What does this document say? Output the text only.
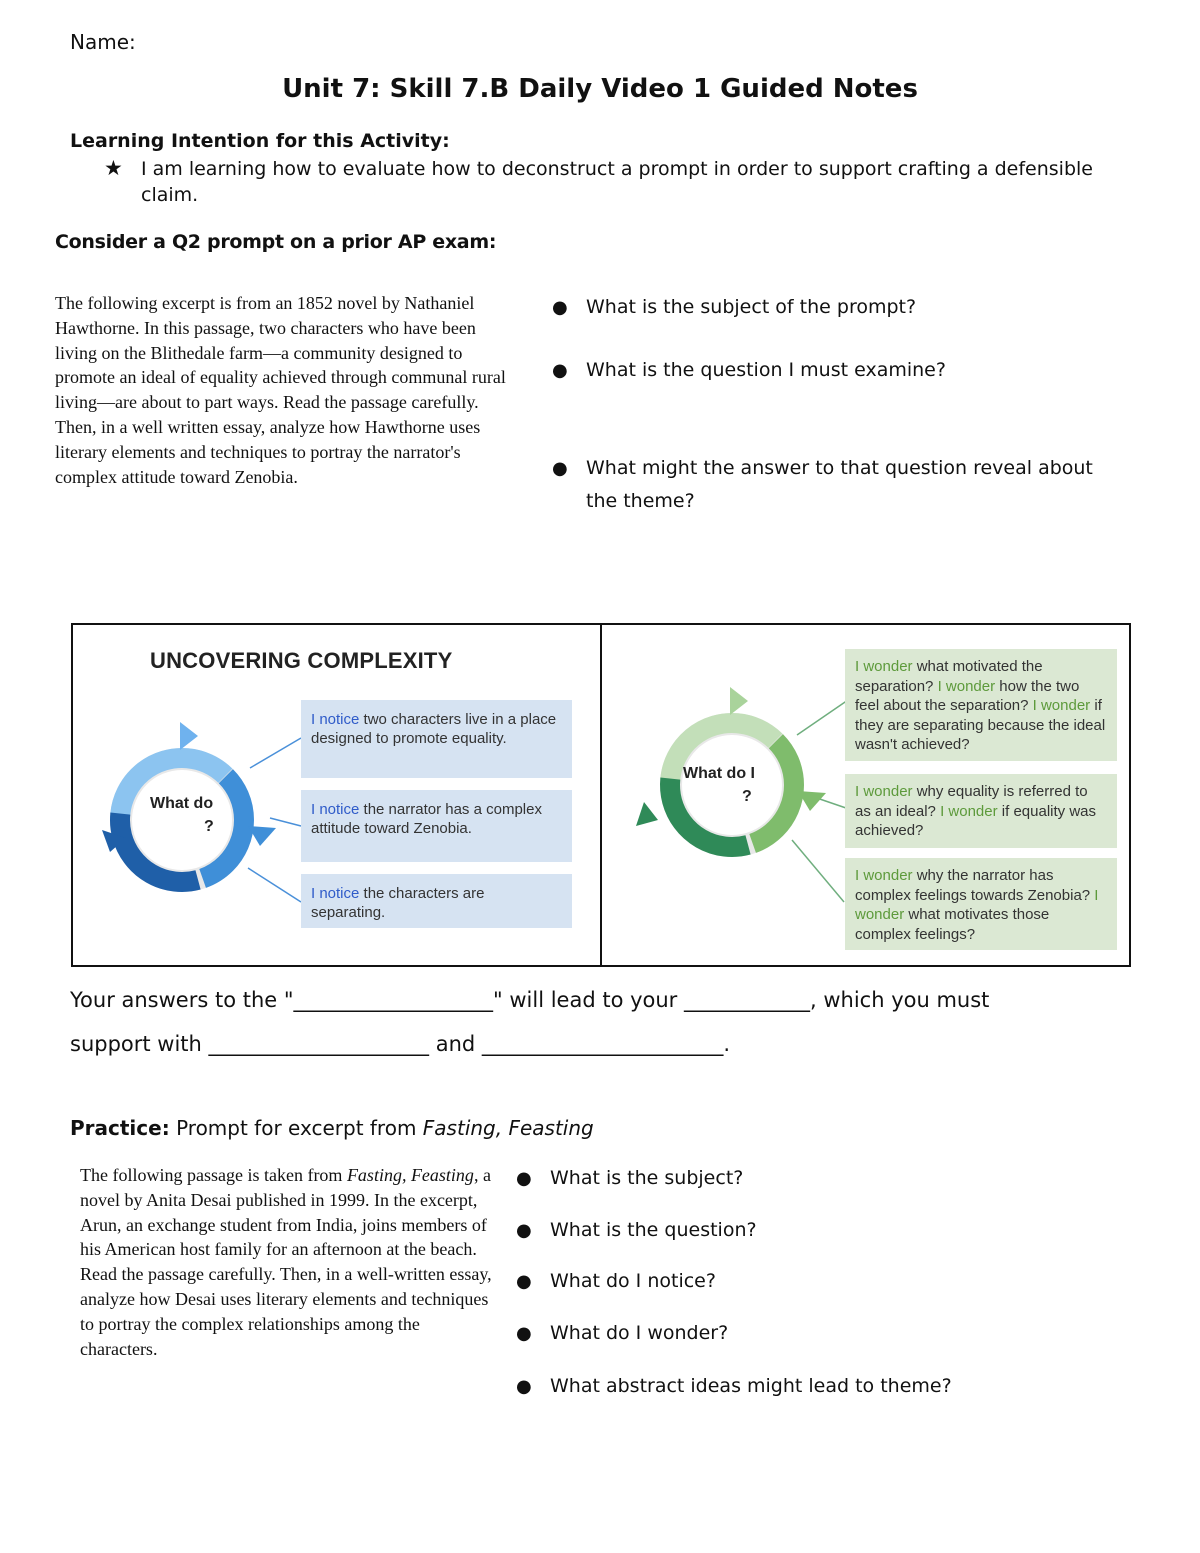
Name:
Unit 7: Skill 7.B Daily Video 1 Guided Notes
Learning Intention for this Activity:
★ I am learning how to evaluate how to deconstruct a prompt in order to support crafting a defensible claim.
Consider a Q2 prompt on a prior AP exam:
The following excerpt is from an 1852 novel by Nathaniel Hawthorne. In this passage, two characters who have been living on the Blithedale farm—a community designed to promote an ideal of equality achieved through communal rural living—are about to part ways. Read the passage carefully. Then, in a well written essay, analyze how Hawthorne uses literary elements and techniques to portray the narrator's complex attitude toward Zenobia.
● What is the subject of the prompt?
● What is the question I must examine?
● What might the answer to that question reveal about the theme?
UNCOVERING COMPLEXITY
What do
?
I notice two characters live in a place designed to promote equality.
I notice the narrator has a complex attitude toward Zenobia.
I notice the characters are separating.
What do I
?
I wonder what motivated the separation? I wonder how the two feel about the separation? I wonder if they are separating because the ideal wasn't achieved?
I wonder why equality is referred to as an ideal? I wonder if equality was achieved?
I wonder why the narrator has complex feelings towards Zenobia? I wonder what motivates those complex feelings?
Your answers to the "___________________" will lead to your ____________, which you must
support with _____________________ and _______________________.
Practice: Prompt for excerpt from Fasting, Feasting
The following passage is taken from Fasting, Feasting, a novel by Anita Desai published in 1999. In the excerpt, Arun, an exchange student from India, joins members of his American host family for an afternoon at the beach. Read the passage carefully. Then, in a well-written essay, analyze how Desai uses literary elements and techniques to portray the complex relationships among the characters.
● What is the subject?
● What is the question?
● What do I notice?
● What do I wonder?
● What abstract ideas might lead to theme?
